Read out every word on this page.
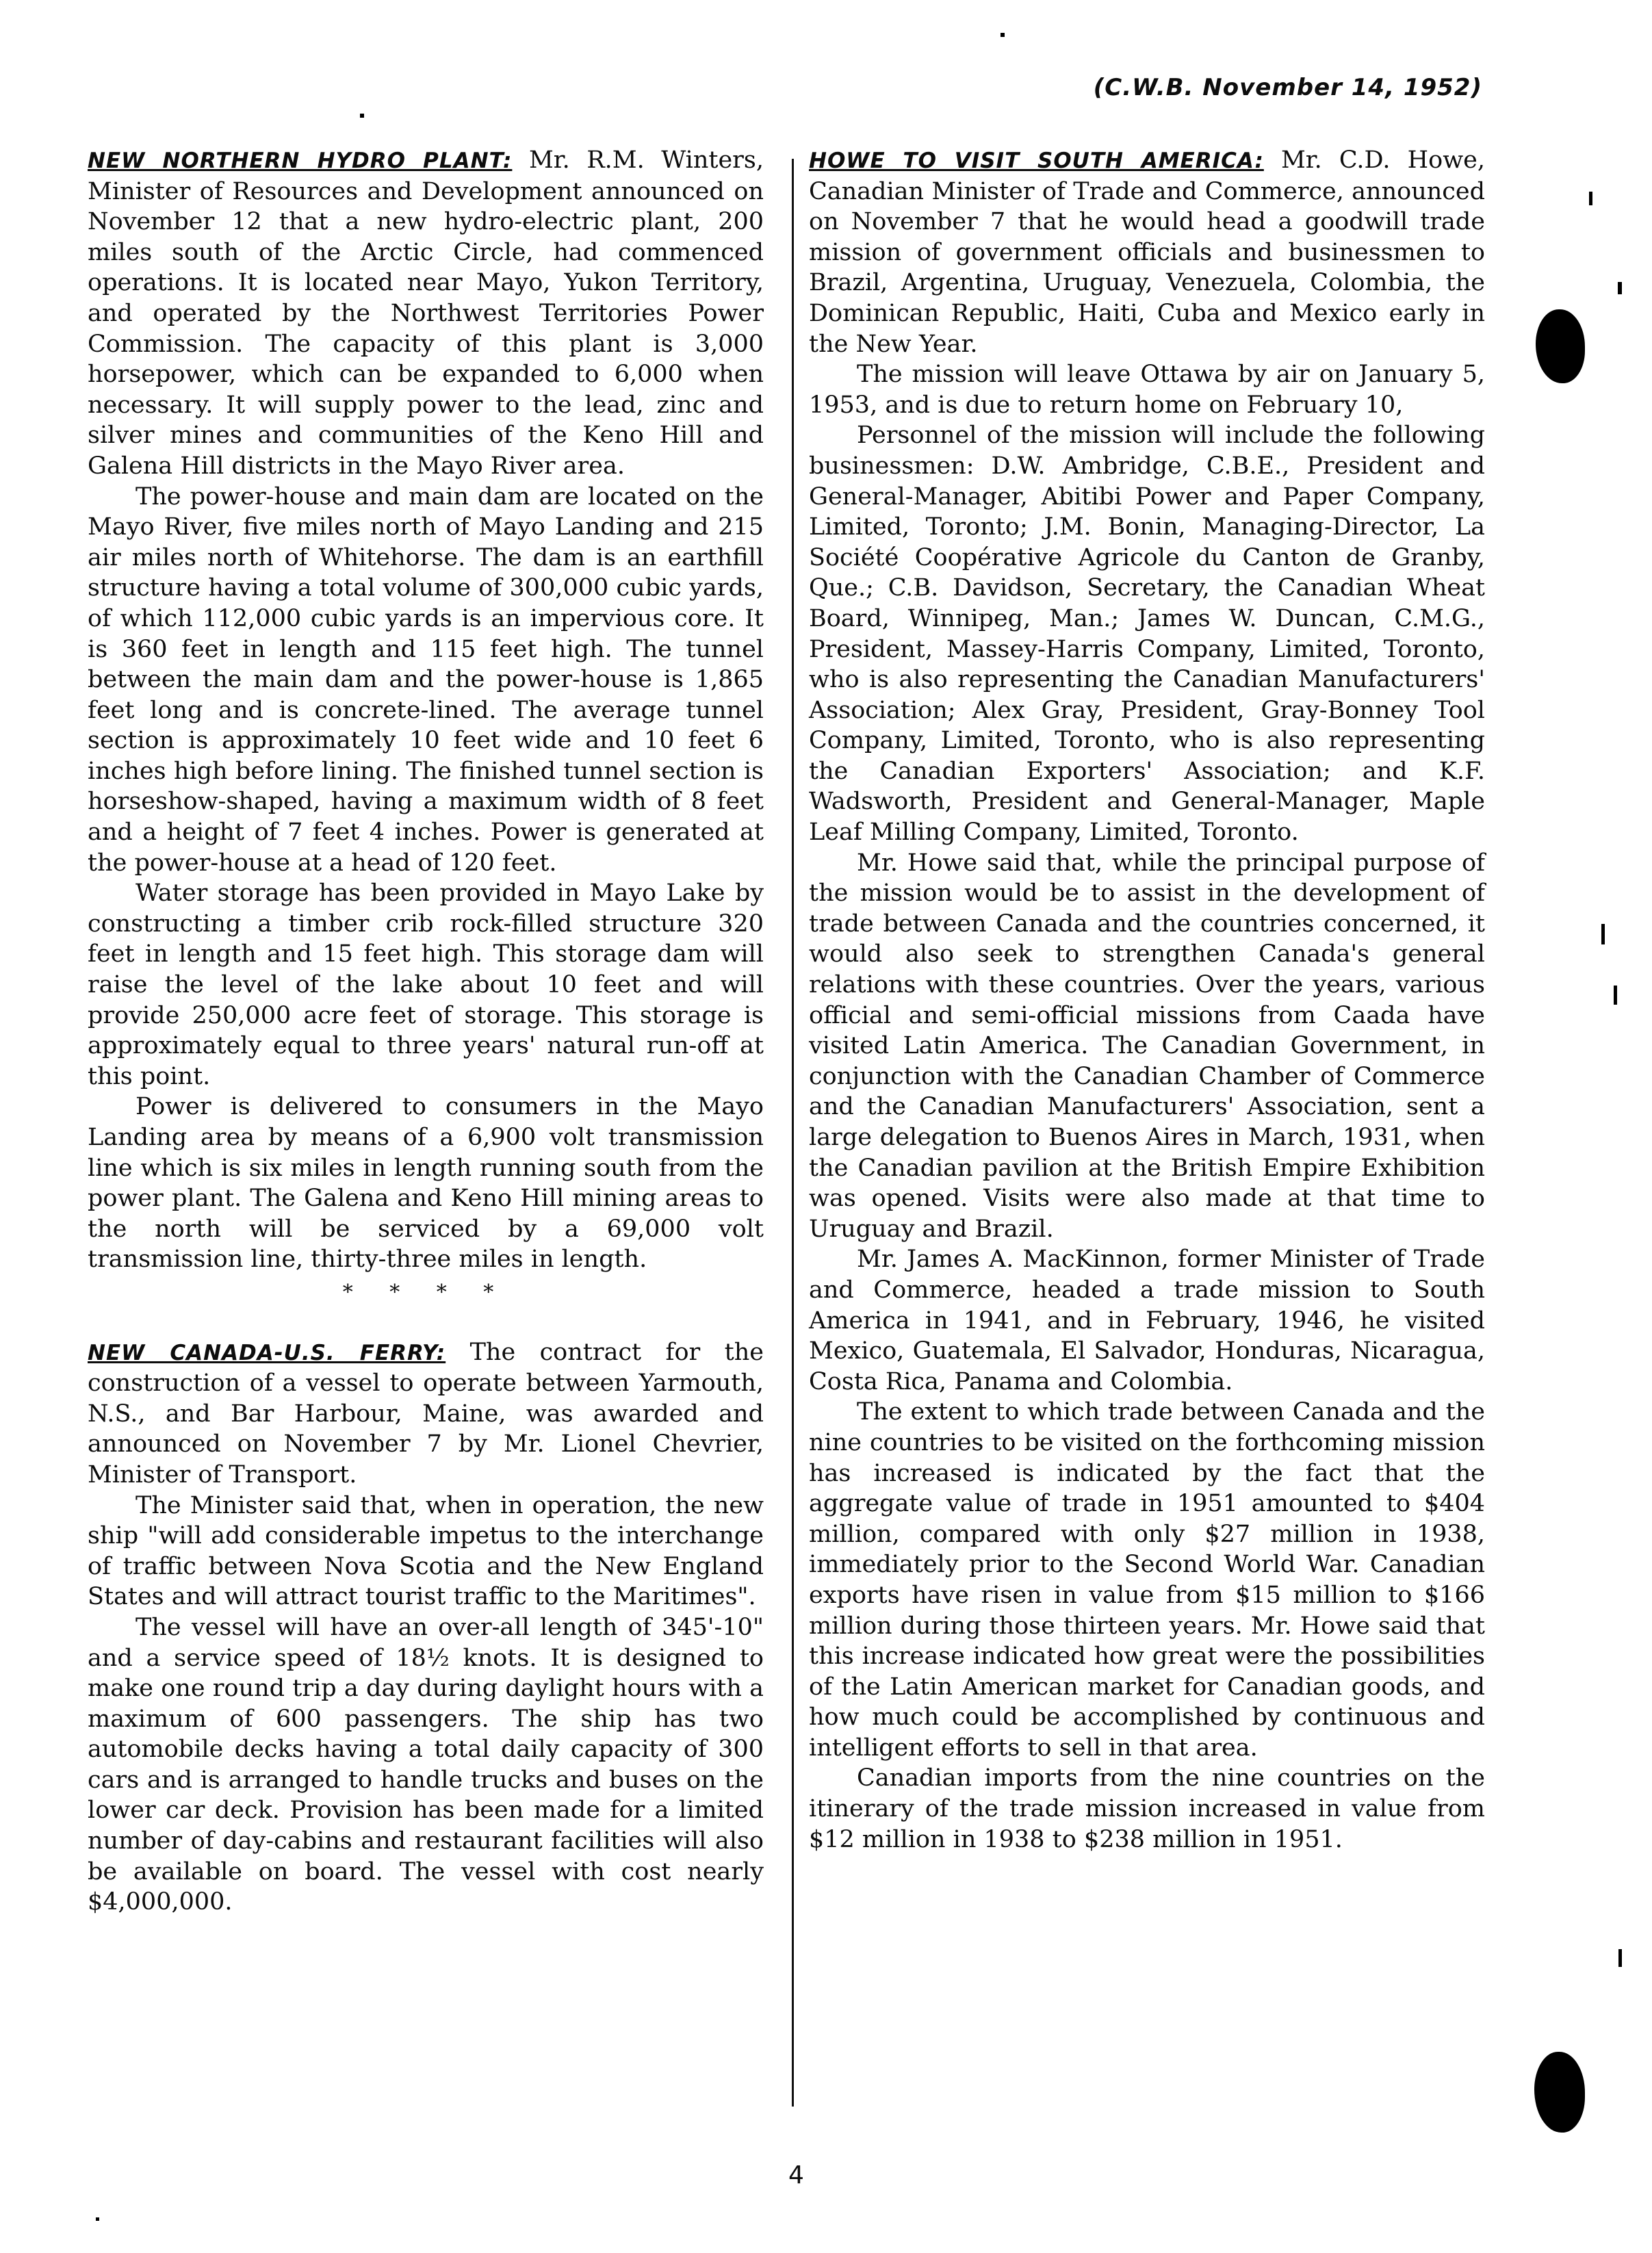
(C.W.B. November 14, 1952)

NEW NORTHERN HYDRO PLANT: Mr. R.M. Winters, Minister of Resources and Development announced on November 12 that a new hydro-electric plant, 200 miles south of the Arctic Circle, had commenced operations. It is located near Mayo, Yukon Territory, and operated by the Northwest Territories Power Commission. The capacity of this plant is 3,000 horsepower, which can be expanded to 6,000 when necessary. It will supply power to the lead, zinc and silver mines and communities of the Keno Hill and Galena Hill districts in the Mayo River area.

The power-house and main dam are located on the Mayo River, five miles north of Mayo Landing and 215 air miles north of Whitehorse. The dam is an earthfill structure having a total volume of 300,000 cubic yards, of which 112,000 cubic yards is an impervious core. It is 360 feet in length and 115 feet high. The tunnel between the main dam and the power-house is 1,865 feet long and is concrete-lined. The average tunnel section is approximately 10 feet wide and 10 feet 6 inches high before lining. The finished tunnel section is horseshow-shaped, having a maximum width of 8 feet and a height of 7 feet 4 inches. Power is generated at the power-house at a head of 120 feet.

Water storage has been provided in Mayo Lake by constructing a timber crib rock-filled structure 320 feet in length and 15 feet high. This storage dam will raise the level of the lake about 10 feet and will provide 250,000 acre feet of storage. This storage is approximately equal to three years' natural run-off at this point.

Power is delivered to consumers in the Mayo Landing area by means of a 6,900 volt transmission line which is six miles in length running south from the power plant. The Galena and Keno Hill mining areas to the north will be serviced by a 69,000 volt transmission line, thirty-three miles in length.

* * * *

NEW CANADA-U.S. FERRY: The contract for the construction of a vessel to operate between Yarmouth, N.S., and Bar Harbour, Maine, was awarded and announced on November 7 by Mr. Lionel Chevrier, Minister of Transport.

The Minister said that, when in operation, the new ship "will add considerable impetus to the interchange of traffic between Nova Scotia and the New England States and will attract tourist traffic to the Maritimes".

The vessel will have an over-all length of 345'-10" and a service speed of 18½ knots. It is designed to make one round trip a day during daylight hours with a maximum of 600 passengers. The ship has two automobile decks having a total daily capacity of 300 cars and is arranged to handle trucks and buses on the lower car deck. Provision has been made for a limited number of day-cabins and restaurant facilities will also be available on board. The vessel with cost nearly $4,000,000.

HOWE TO VISIT SOUTH AMERICA: Mr. C.D. Howe, Canadian Minister of Trade and Commerce, announced on November 7 that he would head a goodwill trade mission of government officials and businessmen to Brazil, Argentina, Uruguay, Venezuela, Colombia, the Dominican Republic, Haiti, Cuba and Mexico early in the New Year.

The mission will leave Ottawa by air on January 5, 1953, and is due to return home on February 10,

Personnel of the mission will include the following businessmen: D.W. Ambridge, C.B.E., President and General-Manager, Abitibi Power and Paper Company, Limited, Toronto; J.M. Bonin, Managing-Director, La Société Coopérative Agricole du Canton de Granby, Que.; C.B. Davidson, Secretary, the Canadian Wheat Board, Winnipeg, Man.; James W. Duncan, C.M.G., President, Massey-Harris Company, Limited, Toronto, who is also representing the Canadian Manufacturers' Association; Alex Gray, President, Gray-Bonney Tool Company, Limited, Toronto, who is also representing the Canadian Exporters' Association; and K.F. Wadsworth, President and General-Manager, Maple Leaf Milling Company, Limited, Toronto.

Mr. Howe said that, while the principal purpose of the mission would be to assist in the development of trade between Canada and the countries concerned, it would also seek to strengthen Canada's general relations with these countries. Over the years, various official and semi-official missions from Caada have visited Latin America. The Canadian Government, in conjunction with the Canadian Chamber of Commerce and the Canadian Manufacturers' Association, sent a large delegation to Buenos Aires in March, 1931, when the Canadian pavilion at the British Empire Exhibition was opened. Visits were also made at that time to Uruguay and Brazil.

Mr. James A. MacKinnon, former Minister of Trade and Commerce, headed a trade mission to South America in 1941, and in February, 1946, he visited Mexico, Guatemala, El Salvador, Honduras, Nicaragua, Costa Rica, Panama and Colombia.

The extent to which trade between Canada and the nine countries to be visited on the forthcoming mission has increased is indicated by the fact that the aggregate value of trade in 1951 amounted to $404 million, compared with only $27 million in 1938, immediately prior to the Second World War. Canadian exports have risen in value from $15 million to $166 million during those thirteen years. Mr. Howe said that this increase indicated how great were the possibilities of the Latin American market for Canadian goods, and how much could be accomplished by continuous and intelligent efforts to sell in that area.

Canadian imports from the nine countries on the itinerary of the trade mission increased in value from $12 million in 1938 to $238 million in 1951.

4
